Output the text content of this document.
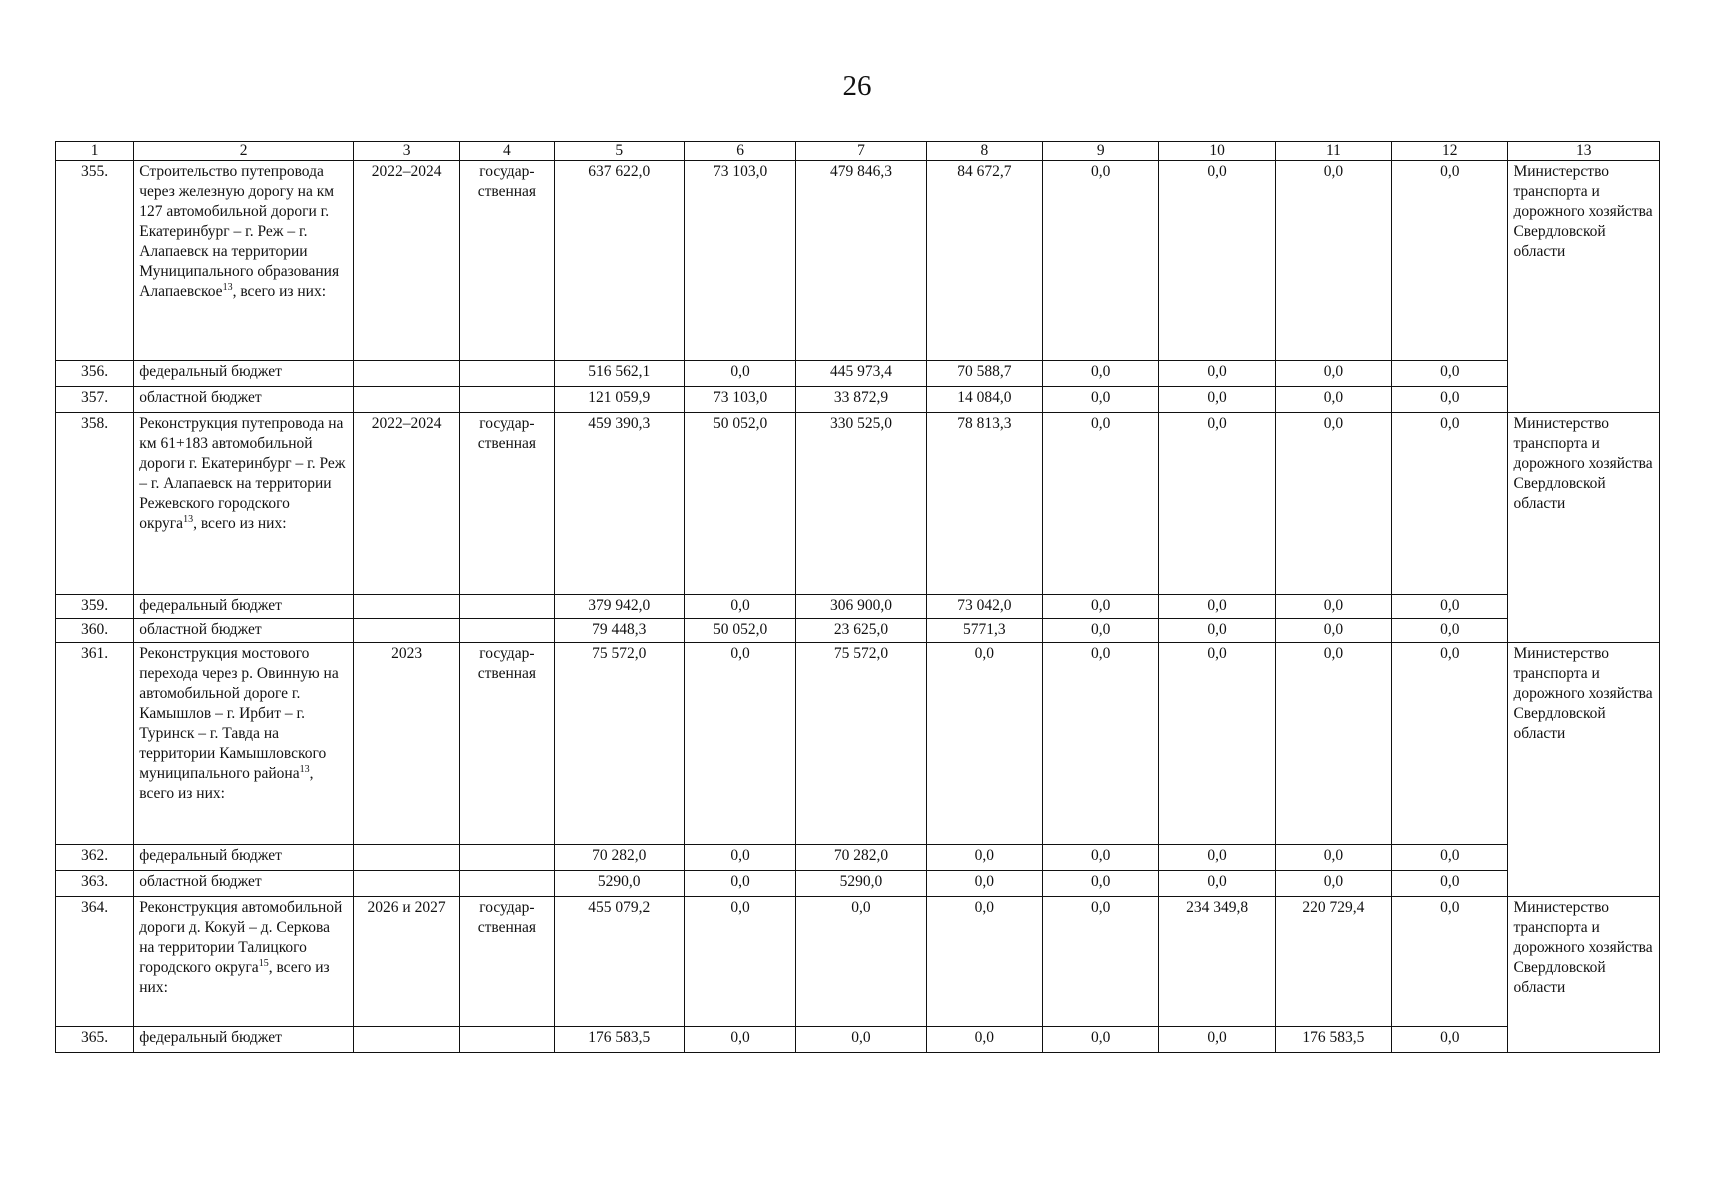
26
1	2	3	4	5	6	7	8	9	10	11	12	13
355.	Строительство путепровода через железную дорогу на км 127 автомобильной дороги г. Екатеринбург – г. Реж – г. Алапаевск на территории Муниципального образования Алапаевское$^{13}$, всего из них:	2022–2024	государ-ственная	637 622,0	73 103,0	479 846,3	84 672,7	0,0	0,0	0,0	0,0	Министерство транспорта и дорожного хозяйства Свердловской области
356.	федеральный бюджет			516 562,1	0,0	445 973,4	70 588,7	0,0	0,0	0,0	0,0	
357.	областной бюджет			121 059,9	73 103,0	33 872,9	14 084,0	0,0	0,0	0,0	0,0	
358.	Реконструкция путепровода на км 61+183 автомобильной дороги г. Екатеринбург – г. Реж – г. Алапаевск на территории Режевского городского округа$^{13}$, всего из них:	2022–2024	государ-ственная	459 390,3	50 052,0	330 525,0	78 813,3	0,0	0,0	0,0	0,0	Министерство транспорта и дорожного хозяйства Свердловской области
359.	федеральный бюджет			379 942,0	0,0	306 900,0	73 042,0	0,0	0,0	0,0	0,0	
360.	областной бюджет			79 448,3	50 052,0	23 625,0	5771,3	0,0	0,0	0,0	0,0	
361.	Реконструкция мостового перехода через р. Овинную на автомобильной дороге г. Камышлов – г. Ирбит – г. Туринск – г. Тавда на территории Камышловского муниципального района$^{13}$, всего из них:	2023	государ-ственная	75 572,0	0,0	75 572,0	0,0	0,0	0,0	0,0	0,0	Министерство транспорта и дорожного хозяйства Свердловской области
362.	федеральный бюджет			70 282,0	0,0	70 282,0	0,0	0,0	0,0	0,0	0,0	
363.	областной бюджет			5290,0	0,0	5290,0	0,0	0,0	0,0	0,0	0,0	
364.	Реконструкция автомобильной дороги д. Кокуй – д. Серкова на территории Талицкого городского округа$^{15}$, всего из них:	2026 и 2027	государ-ственная	455 079,2	0,0	0,0	0,0	0,0	234 349,8	220 729,4	0,0	Министерство транспорта и дорожного хозяйства Свердловской области
365.	федеральный бюджет			176 583,5	0,0	0,0	0,0	0,0	0,0	176 583,5	0,0	
